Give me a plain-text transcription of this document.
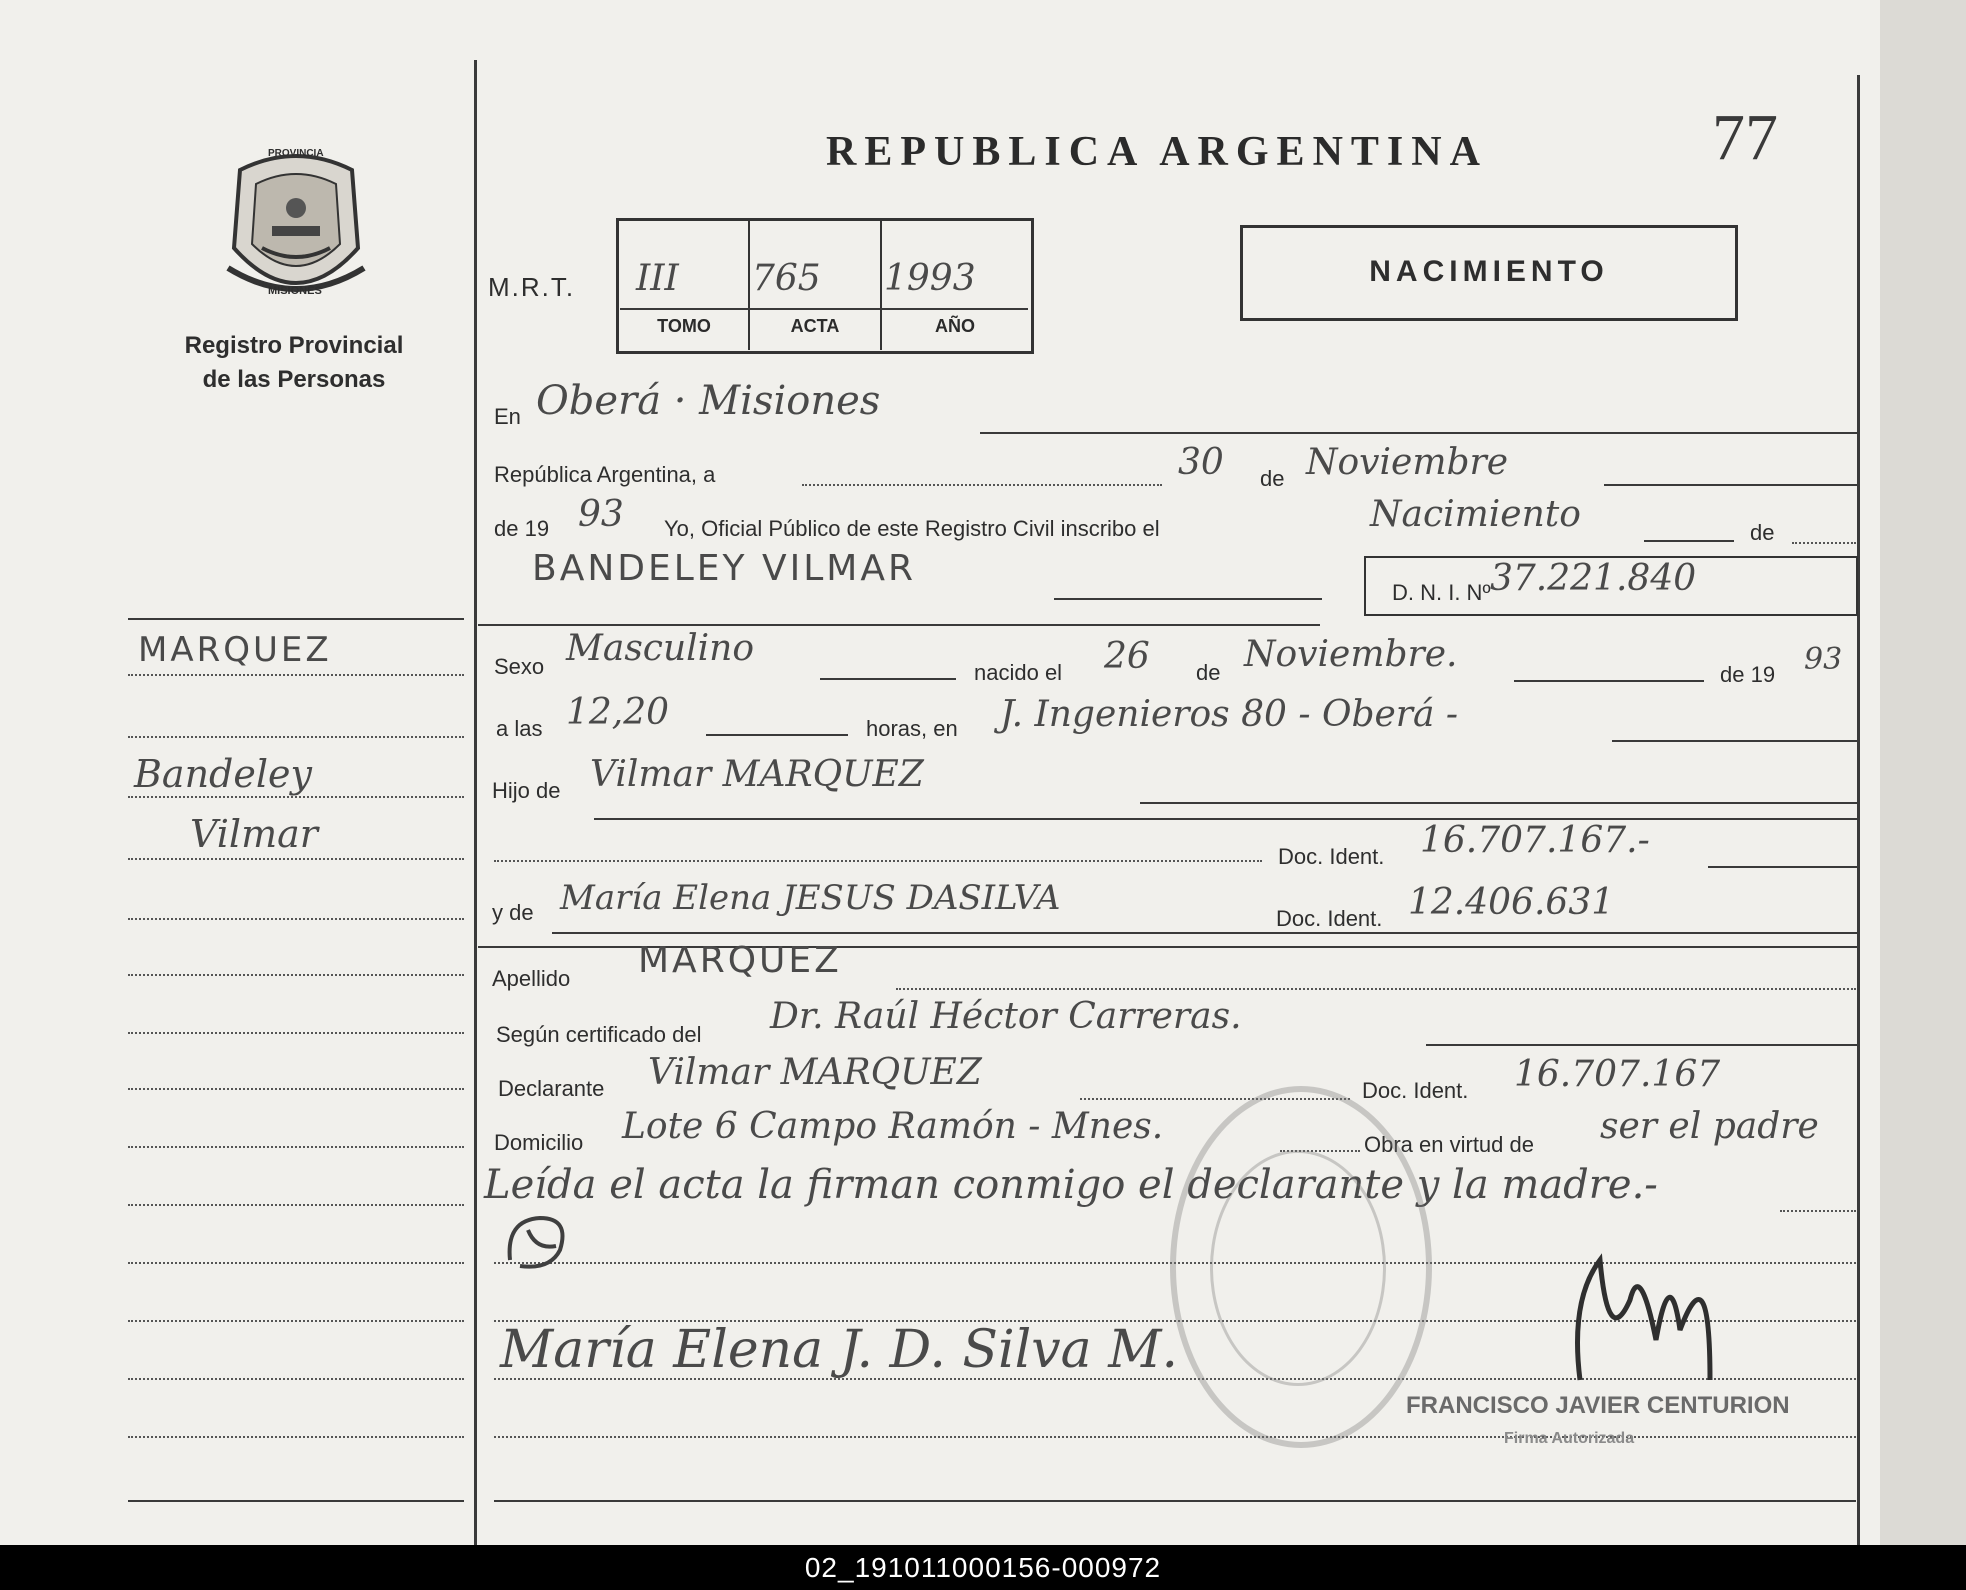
PROVINCIA
MISIONES
Registro Provincial
de las Personas
REPUBLICA ARGENTINA	77
NACIMIENTO
M.R.T. III 765 1993
TOMO	ACTA	AÑO
En Oberá · Misiones
República Argentina, a	30 de Noviembre
de 19 93 Yo, Oficial Público de este Registro Civil inscribo el	Nacimiento	de
BANDELEY VILMAR
D. N. I. Nº 37.221.840
Sexo Masculino
nacido el 26 de Noviembre.	de 19 93
a las 12,20	horas, en J. Ingenieros 80 - Oberá -
Hijo de Vilmar MARQUEZ
Doc. Ident. 16.707.167.-
y de María Elena JESUS DASILVA
Doc. Ident. 12.406.631
Apellido MARQUEZ
Según certificado del Dr. Raúl Héctor Carreras.
Declarante Vilmar MARQUEZ	Doc. Ident. 16.707.167
Domicilio Lote 6 Campo Ramón - Mnes.	Obra en virtud de ser el padre
Leída el acta la firman conmigo el declarante y la madre.-
María Elena J. D. Silva M.
FRANCISCO JAVIER CENTURION
Firma Autorizada
MARQUEZ
Bandeley
Vilmar
02_191011000156-000972
